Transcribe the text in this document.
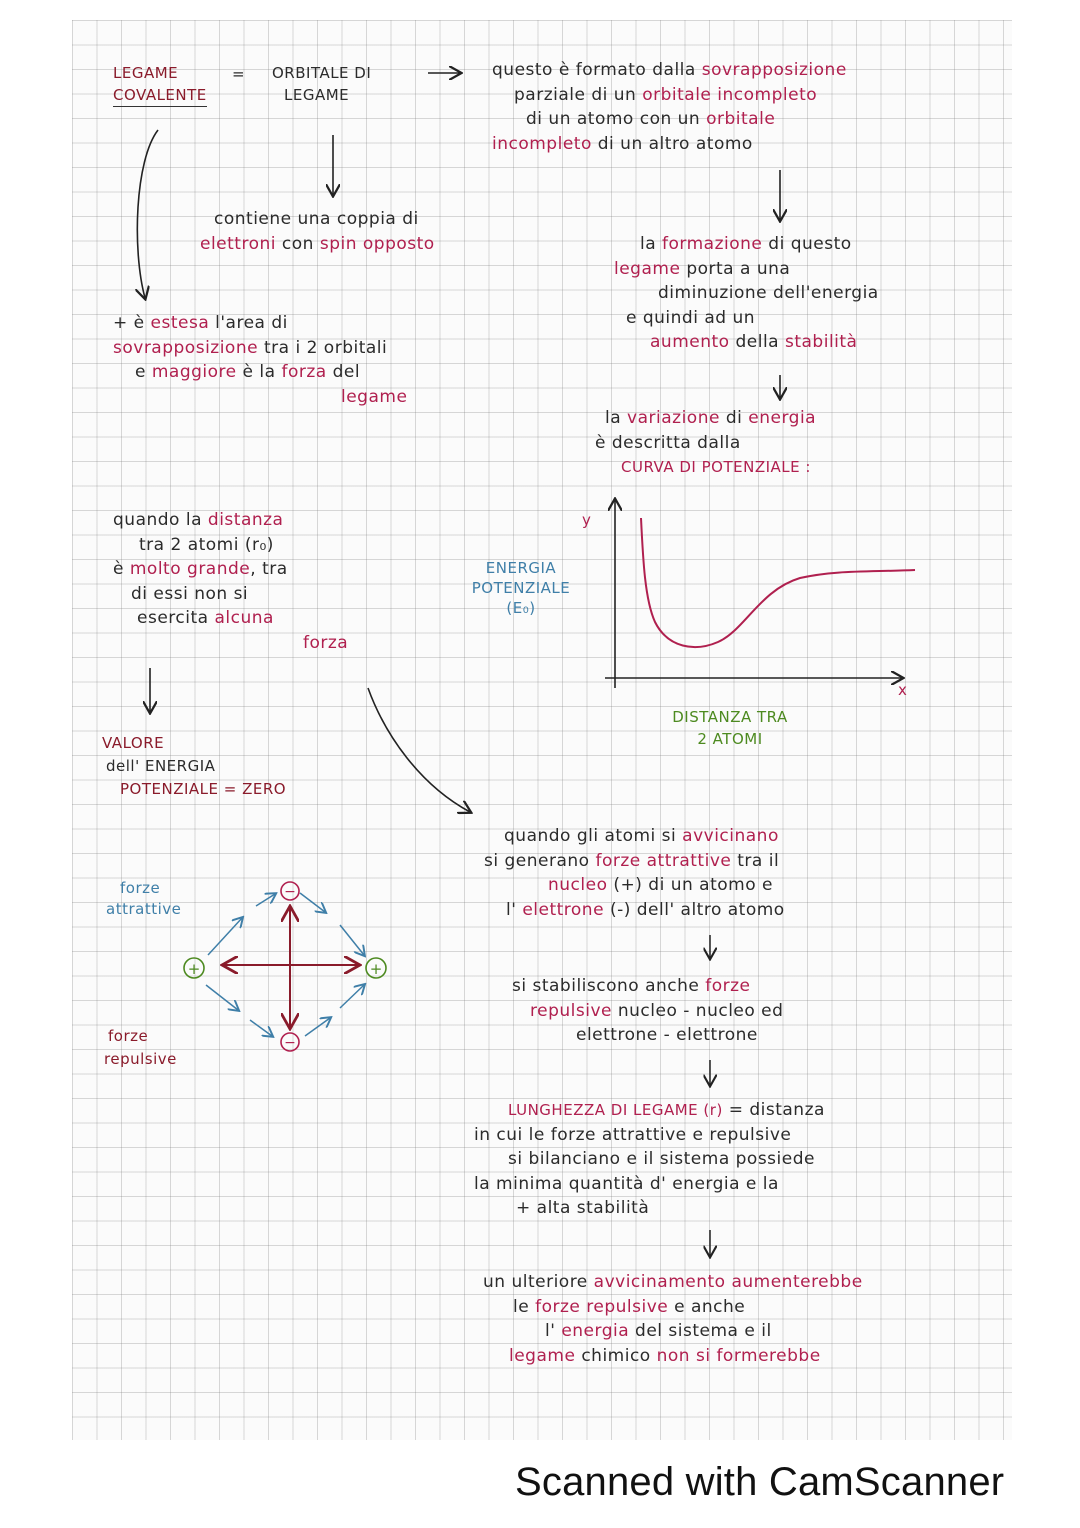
LEGAME
COVALENTE
= ORBITALE DI
LEGAME
questo è formato dalla sovrapposizione
parziale di un orbitale incompleto
di un atomo con un orbitale
incompleto di un altro atomo
contiene una coppia di
elettroni con spin opposto	la formazione di questo
legame porta a una
diminuzione dell'energia
e quindi ad un
aumento della stabilità
+ è estesa l'area di
sovrapposizione tra i 2 orbitali
e maggiore è la forza del
legame
la variazione di energia
è descritta dalla
CURVA DI POTENZIALE :
quando la distanza
tra 2 atomi (r₀)
è molto grande, tra
di essi non si
esercita alcuna
forza
VALORE
dell' ENERGIA
POTENZIALE = ZERO
ENERGIA
POTENZIALE
(E₀)
y
x
DISTANZA TRA
2 ATOMI
forze
attrattive
forze
repulsive
quando gli atomi si avvicinano
si generano forze attrattive tra il
nucleo (+) di un atomo e
l' elettrone (-) dell' altro atomo
si stabiliscono anche forze
repulsive nucleo - nucleo ed
elettrone - elettrone
LUNGHEZZA DI LEGAME (r) = distanza
in cui le forze attrattive e repulsive
si bilanciano e il sistema possiede
la minima quantità d' energia e la
+ alta stabilità
un ulteriore avvicinamento aumenterebbe
le forze repulsive e anche
l' energia del sistema e il
legame chimico non si formerebbe
+	+
−
−
Scanned with CamScanner
